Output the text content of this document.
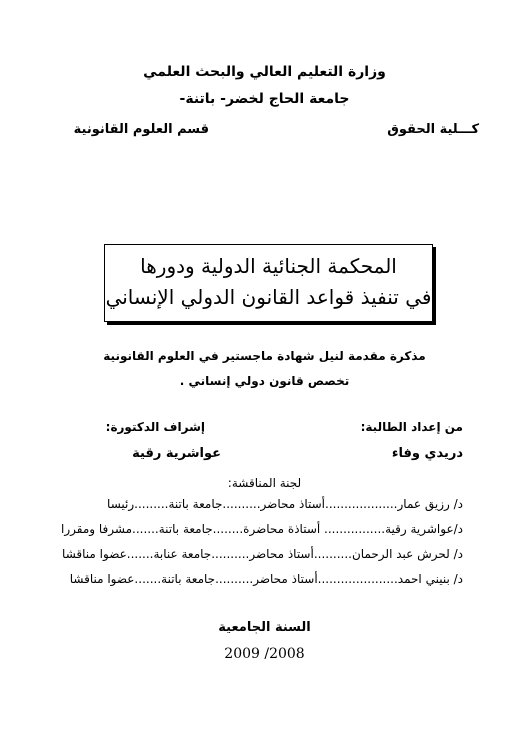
وزارة التعليم العالي والبحث العلمي
جامعة الحاج لخضر- باتنة-
كـــلية الحقوق
قسم العلوم القانونية
المحكمة الجنائية الدولية ودورها
في تنفيذ قواعد القانون الدولي الإنساني
مذكرة مقدمة لنيل شهادة ماجستير في العلوم القانونية
تخصص قانون دولي إنساني .
من إعداد الطالبة:
دريدي وفاء
إشراف الدكتورة:
عواشرية رقية
لجنة المناقشة:
د/ رزيق عمار...................أستاذ محاضر..........جامعة باتنة.........رئيسا
د/عواشرية رقية................ أستاذة محاضرة........جامعة باتنة.......مشرفا ومقررا
د/ لحرش عبد الرحمان..........أستاذ محاضر..........جامعة عنابة.......عضوا مناقشا
د/ بنيني احمد.....................أستاذ محاضر..........جامعة باتنة.......عضوا مناقشا
السنة الجامعية
2009 /2008
